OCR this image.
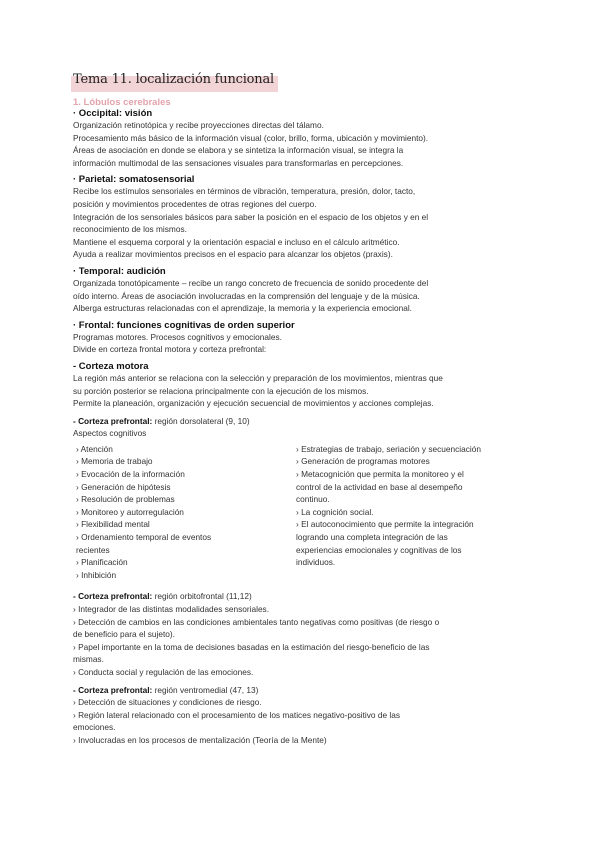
Tema 11. localización funcional
1. Lóbulos cerebrales
· Occipital: visión
Organización retinotópica y recibe proyecciones directas del tálamo.
Procesamiento más básico de la información visual (color, brillo, forma, ubicación y movimiento).
Áreas de asociación en donde se elabora y se sintetiza la información visual, se integra la
información multimodal de las sensaciones visuales para transformarlas en percepciones.
· Parietal: somatosensorial
Recibe los estímulos sensoriales en términos de vibración, temperatura, presión, dolor, tacto,
posición y movimientos procedentes de otras regiones del cuerpo.
Integración de los sensoriales básicos para saber la posición en el espacio de los objetos y en el
reconocimiento de los mismos.
Mantiene el esquema corporal y la orientación espacial e incluso en el cálculo aritmético.
Ayuda a realizar movimientos precisos en el espacio para alcanzar los objetos (praxis).
· Temporal: audición
Organizada tonotópicamente – recibe un rango concreto de frecuencia de sonido procedente del
oído interno. Áreas de asociación involucradas en la comprensión del lenguaje y de la música.
Alberga estructuras relacionadas con el aprendizaje, la memoria y la experiencia emocional.
· Frontal: funciones cognitivas de orden superior
Programas motores. Procesos cognitivos y emocionales.
Divide en corteza frontal motora y corteza prefrontal:
- Corteza motora
La región más anterior se relaciona con la selección y preparación de los movimientos, mientras que
su porción posterior se relaciona principalmente con la ejecución de los mismos.
Permite la planeación, organización y ejecución secuencial de movimientos y acciones complejas.
- Corteza prefrontal: región dorsolateral (9, 10)
Aspectos cognitivos
› Atención
› Memoria de trabajo
› Evocación de la información
› Generación de hipótesis
› Resolución de problemas
› Monitoreo y autorregulación
› Flexibilidad mental
› Ordenamiento temporal de eventos
recientes
› Planificación
› Inhibición
› Estrategias de trabajo, seriación y secuenciación
› Generación de programas motores
› Metacognición que permita la monitoreo y el
control de la actividad en base al desempeño
continuo.
› La cognición social.
› El autoconocimiento que permite la integración
logrando una completa integración de las
experiencias emocionales y cognitivas de los
individuos.
- Corteza prefrontal: región orbitofrontal (11,12)
› Integrador de las distintas modalidades sensoriales.
› Detección de cambios en las condiciones ambientales tanto negativas como positivas (de riesgo o
de beneficio para el sujeto).
› Papel importante en la toma de decisiones basadas en la estimación del riesgo-beneficio de las
mismas.
› Conducta social y regulación de las emociones.
- Corteza prefrontal: región ventromedial (47, 13)
› Detección de situaciones y condiciones de riesgo.
› Región lateral relacionado con el procesamiento de los matices negativo-positivo de las
emociones.
› Involucradas en los procesos de mentalización (Teoría de la Mente)
